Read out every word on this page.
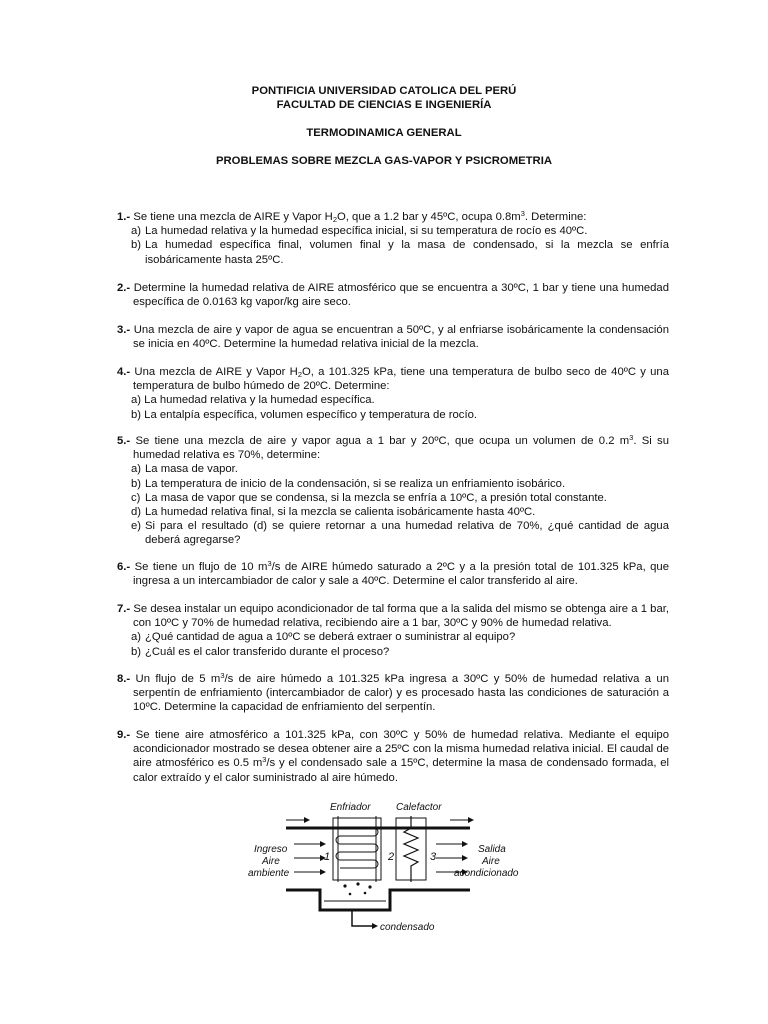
PONTIFICIA UNIVERSIDAD CATOLICA DEL PERÚ
FACULTAD DE CIENCIAS E INGENIERÍA
TERMODINAMICA GENERAL
PROBLEMAS SOBRE MEZCLA GAS-VAPOR Y PSICROMETRIA
1.- Se tiene una mezcla de AIRE y Vapor $H_2O$, que a 1.2 bar y 45ºC, ocupa $0.8m^3$. Determine:
a) La humedad relativa y la humedad específica inicial, si su temperatura de rocío es 40ºC.
b) La humedad específica final, volumen final y la masa de condensado, si la mezcla se enfría isobáricamente hasta 25ºC.
2.- Determine la humedad relativa de AIRE atmosférico que se encuentra a 30ºC, 1 bar y tiene una humedad específica de 0.0163 kg vapor/kg aire seco.
3.- Una mezcla de aire y vapor de agua se encuentran a 50ºC, y al enfriarse isobáricamente la condensación se inicia en 40ºC. Determine la humedad relativa inicial de la mezcla.
4.- Una mezcla de AIRE y Vapor $H_2O$, a 101.325 kPa, tiene una temperatura de bulbo seco de 40ºC y una temperatura de bulbo húmedo de 20ºC. Determine:
a) La humedad relativa y la humedad específica.
b) La entalpía específica, volumen específico y temperatura de rocío.
5.- Se tiene una mezcla de aire y vapor agua a 1 bar y 20ºC, que ocupa un volumen de 0.2 $m^3$. Si su humedad relativa es 70%, determine:
a) La masa de vapor.
b) La temperatura de inicio de la condensación, si se realiza un enfriamiento isobárico.
c) La masa de vapor que se condensa, si la mezcla se enfría a 10ºC, a presión total constante.
d) La humedad relativa final, si la mezcla se calienta isobáricamente hasta 40ºC.
e) Si para el resultado (d) se quiere retornar a una humedad relativa de 70%, ¿qué cantidad de agua deberá agregarse?
6.- Se tiene un flujo de 10 $m^3/s$ de AIRE húmedo saturado a 2ºC y a la presión total de 101.325 kPa, que ingresa a un intercambiador de calor y sale a 40ºC. Determine el calor transferido al aire.
7.- Se desea instalar un equipo acondicionador de tal forma que a la salida del mismo se obtenga aire a 1 bar, con 10ºC y 70% de humedad relativa, recibiendo aire a 1 bar, 30ºC y 90% de humedad relativa.
a) ¿Qué cantidad de agua a 10ºC se deberá extraer o suministrar al equipo?
b) ¿Cuál es el calor transferido durante el proceso?
8.- Un flujo de 5 $m^3/s$ de aire húmedo a 101.325 kPa ingresa a 30ºC y 50% de humedad relativa a un serpentín de enfriamiento (intercambiador de calor) y es procesado hasta las condiciones de saturación a 10ºC. Determine la capacidad de enfriamiento del serpentín.
9.- Se tiene aire atmosférico a 101.325 kPa, con 30ºC y 50% de humedad relativa. Mediante el equipo acondicionador mostrado se desea obtener aire a 25ºC con la misma humedad relativa inicial. El caudal de aire atmosférico es 0.5 $m^3/s$ y el condensado sale a 15ºC, determine la masa de condensado formada, el calor extraído y el calor suministrado al aire húmedo.
Enfriador	Calefactor
Ingreso
Aire
ambiente
Salida
Aire
acondicionado
condensado
1	2	3
